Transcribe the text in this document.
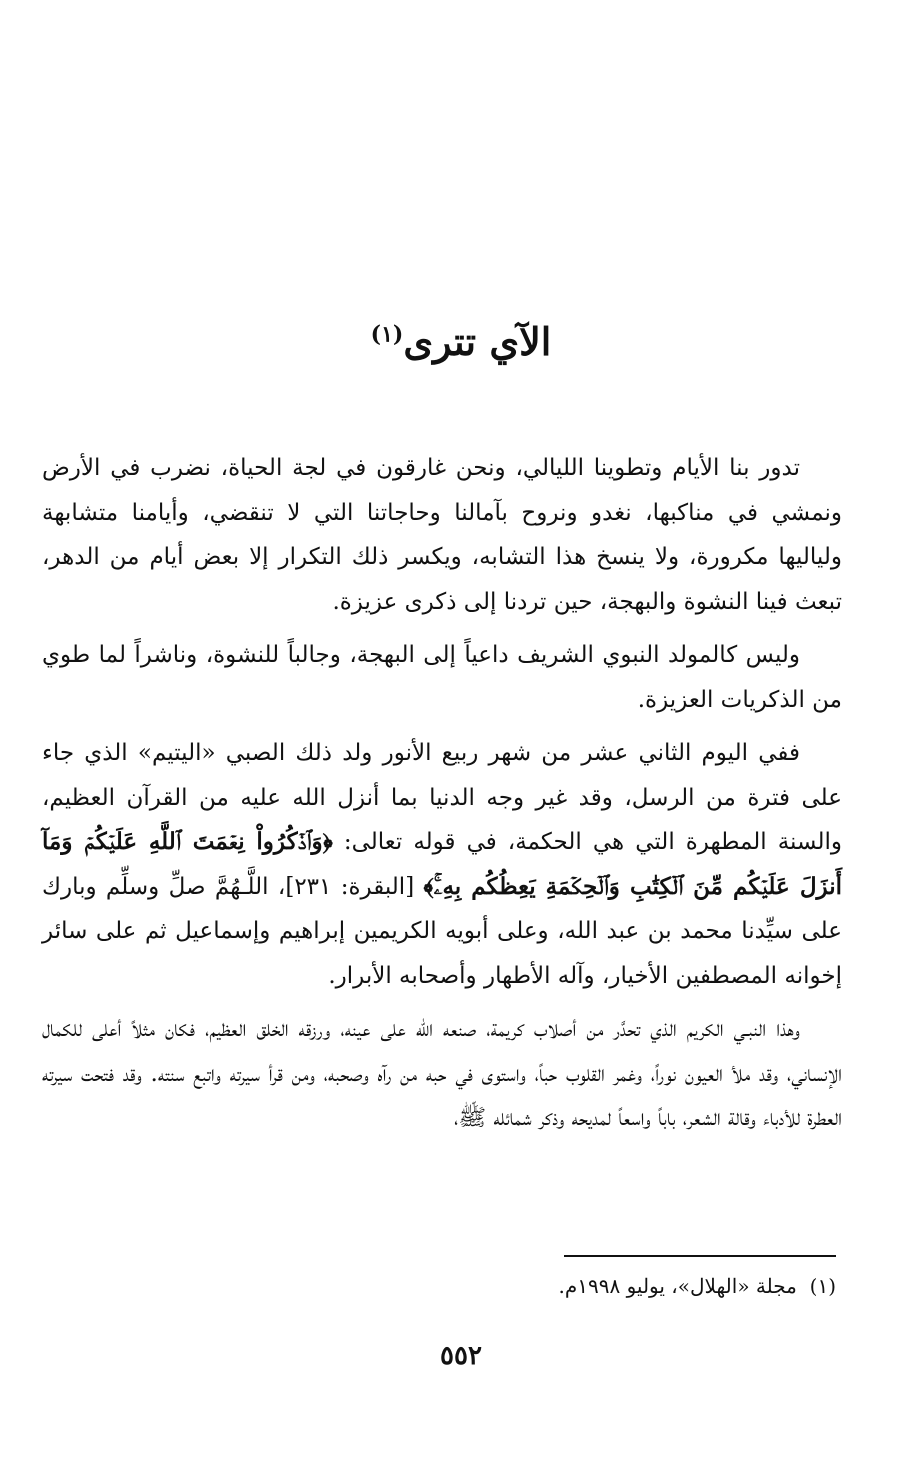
الآي تترى$^{(١)}$

تدور بنا الأيام وتطوينا الليالي، ونحن غارقون في لجة الحياة، نضرب في الأرض ونمشي في مناكبها، نغدو ونروح بآمالنا وحاجاتنا التي لا تنقضي، وأيامنا متشابهة ولياليها مكرورة، ولا ينسخ هذا التشابه، ويكسر ذلك التكرار إلا بعض أيام من الدهر، تبعث فينا النشوة والبهجة، حين تردنا إلى ذكرى عزيزة.

وليس كالمولد النبوي الشريف داعياً إلى البهجة، وجالباً للنشوة، وناشراً لما طوي من الذكريات العزيزة.

ففي اليوم الثاني عشر من شهر ربيع الأنور ولد ذلك الصبي «اليتيم» الذي جاء على فترة من الرسل، وقد غير وجه الدنيا بما أنزل الله عليه من القرآن العظيم، والسنة المطهرة التي هي الحكمة، في قوله تعالى: ﴿وَٱذۡكُرُواْ نِعۡمَتَ ٱللَّهِ عَلَيۡكُمۡ وَمَآ أَنزَلَ عَلَيۡكُم مِّنَ ٱلۡكِتَٰبِ وَٱلۡحِكۡمَةِ يَعِظُكُم بِهِۦۚ﴾ [البقرة: ٢٣١]، اللَّـهُمَّ صلِّ وسلِّم وبارك على سيِّدنا محمد بن عبد الله، وعلى أبويه الكريمين إبراهيم وإسماعيل ثم على سائر إخوانه المصطفين الأخيار، وآله الأطهار وأصحابه الأبرار.

وهذا النبـي الكريم الذي تحدَّر من أصلاب كريمة، صنعه الله على عينه، ورزقه الخلق العظيم، فكان مثلاً أعلى للكمال الإنساني، وقد ملأ العيون نوراً، وغمر القلوب حباً، واستوى في حبه من رآه وصحبه، ومن قرأ سيرته واتبع سنته. وقد فتحت سيرته العطرة للأدباء وقالة الشعر، باباً واسعاً لمديحه وذكر شمائله ﷺ،

(١)  مجلة «الهلال»، يوليو ١٩٩٨م.
٥٥٢
